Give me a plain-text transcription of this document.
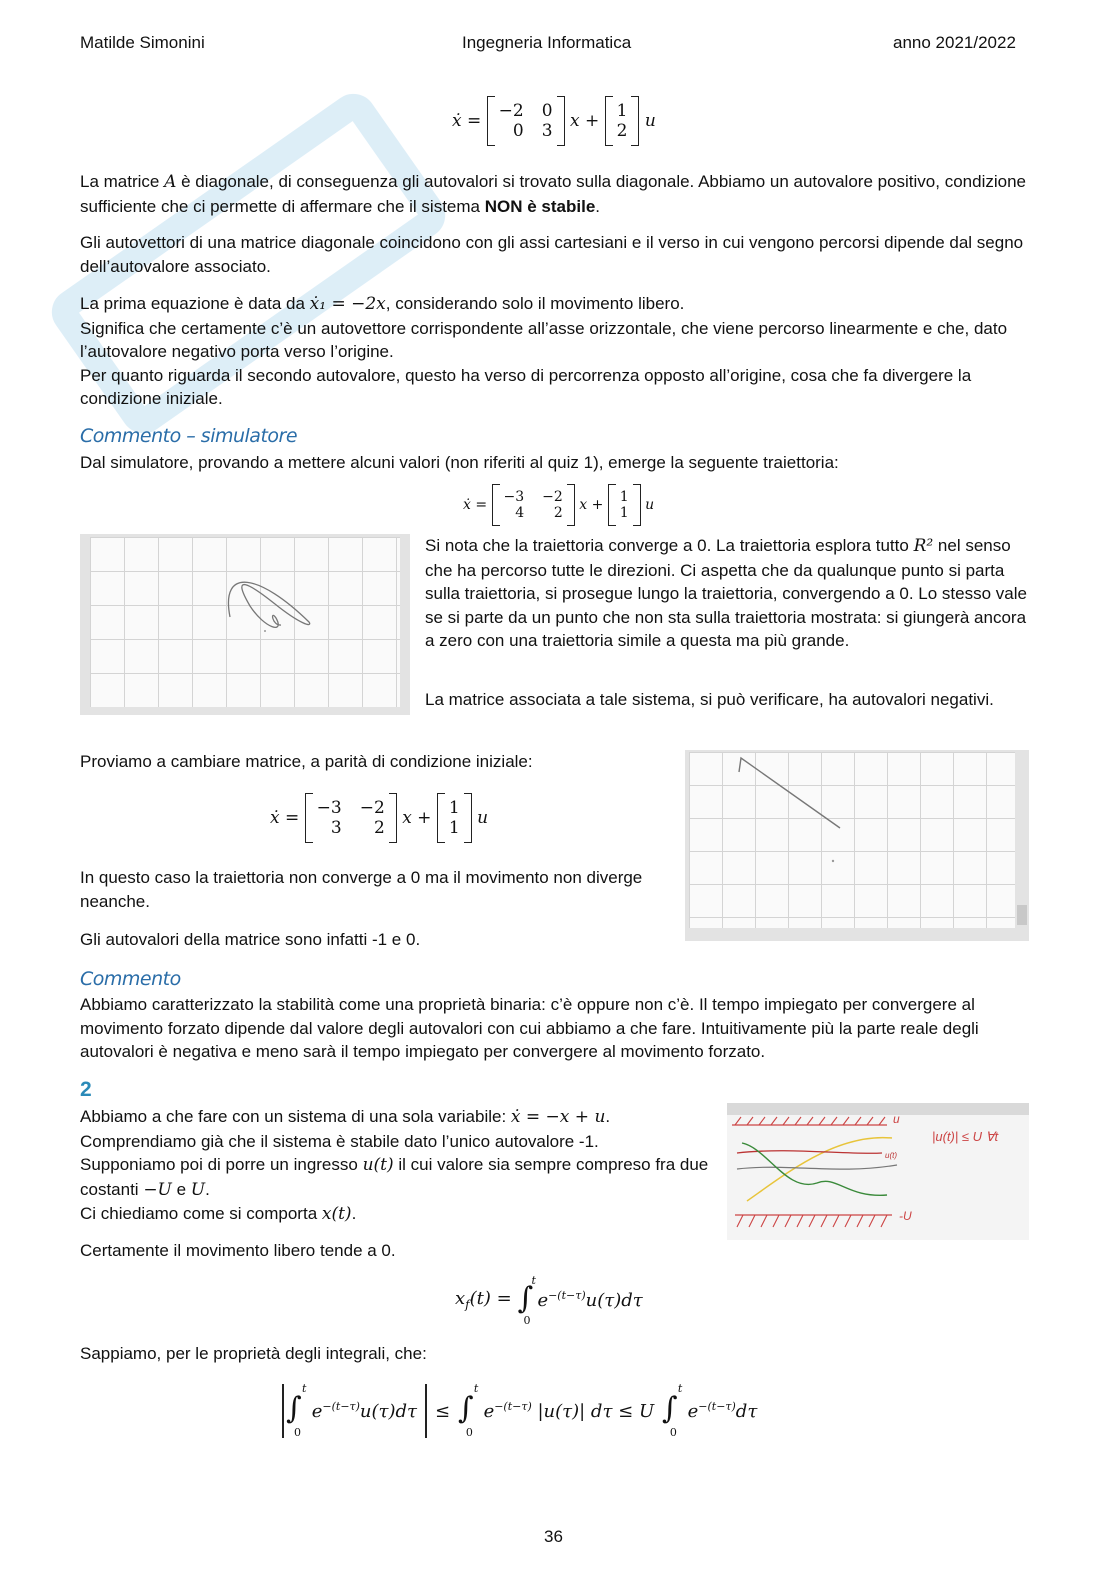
Matilde Simonini	Ingegneria Informatica	anno 2021/2022
ẋ =
−2 0
0 3
x +
1
2
u
La matrice A è diagonale, di conseguenza gli autovalori si trovato sulla diagonale. Abbiamo un autovalore positivo, condizione sufficiente che ci permette di affermare che il sistema NON è stabile.
Gli autovettori di una matrice diagonale coincidono con gli assi cartesiani e il verso in cui vengono percorsi dipende dal segno dell’autovalore associato.
La prima equazione è data da ẋ₁ = −2x, considerando solo il movimento libero.
Significa che certamente c’è un autovettore corrispondente all’asse orizzontale, che viene percorso linearmente e che, dato l’autovalore negativo porta verso l’origine.
Per quanto riguarda il secondo autovalore, questo ha verso di percorrenza opposto all’origine, cosa che fa divergere la condizione iniziale.
Commento – simulatore
Dal simulatore, provando a mettere alcuni valori (non riferiti al quiz 1), emerge la seguente traiettoria:
ẋ =
−3 −2
4	2
x +
1
1
u
Si nota che la traiettoria converge a 0. La traiettoria esplora tutto R² nel senso che ha percorso tutte le direzioni. Ci aspetta che da qualunque punto si parta sulla traiettoria, si prosegue lungo la traiettoria, convergendo a 0. Lo stesso vale se si parte da un punto che non sta sulla traiettoria mostrata: si giungerà ancora a zero con una traiettoria simile a questa ma più grande.
La matrice associata a tale sistema, si può verificare, ha autovalori negativi.
Proviamo a cambiare matrice, a parità di condizione iniziale:
ẋ =
−3 −2
3	2
x +
1
1
u
In questo caso la traiettoria non converge a 0 ma il movimento non diverge neanche.
Gli autovalori della matrice sono infatti -1 e 0.
Commento
Abbiamo caratterizzato la stabilità come una proprietà binaria: c’è oppure non c’è. Il tempo impiegato per convergere al movimento forzato dipende dal valore degli autovalori con cui abbiamo a che fare. Intuitivamente più la parte reale degli autovalori è negativa e meno sarà il tempo impiegato per convergere al movimento forzato.
2
Abbiamo a che fare con un sistema di una sola variabile: ẋ = −x + u.
Comprendiamo già che il sistema è stabile dato l’unico autovalore -1.
Supponiamo poi di porre un ingresso u(t) il cui valore sia sempre compreso fra due costanti −U e U.
Ci chiediamo come si comporta x(t).
u
-U
u(t)
|u(t)| ≤ U ∀t
Certamente il movimento libero tende a 0.
$x_f(t)$ =
∫
t
0
$e^{-(t-\tau)}u(\tau)d\tau$
Sappiamo, per le proprietà degli integrali, che:
∫
t
0

$e^{-(t-\tau)}u(\tau)d\tau$ ≤
∫
t
0

$e^{-(t-\tau)}$ |u(τ)| dτ
≤ U
∫
t
0

$e^{-(t-\tau)}d\tau$
36
